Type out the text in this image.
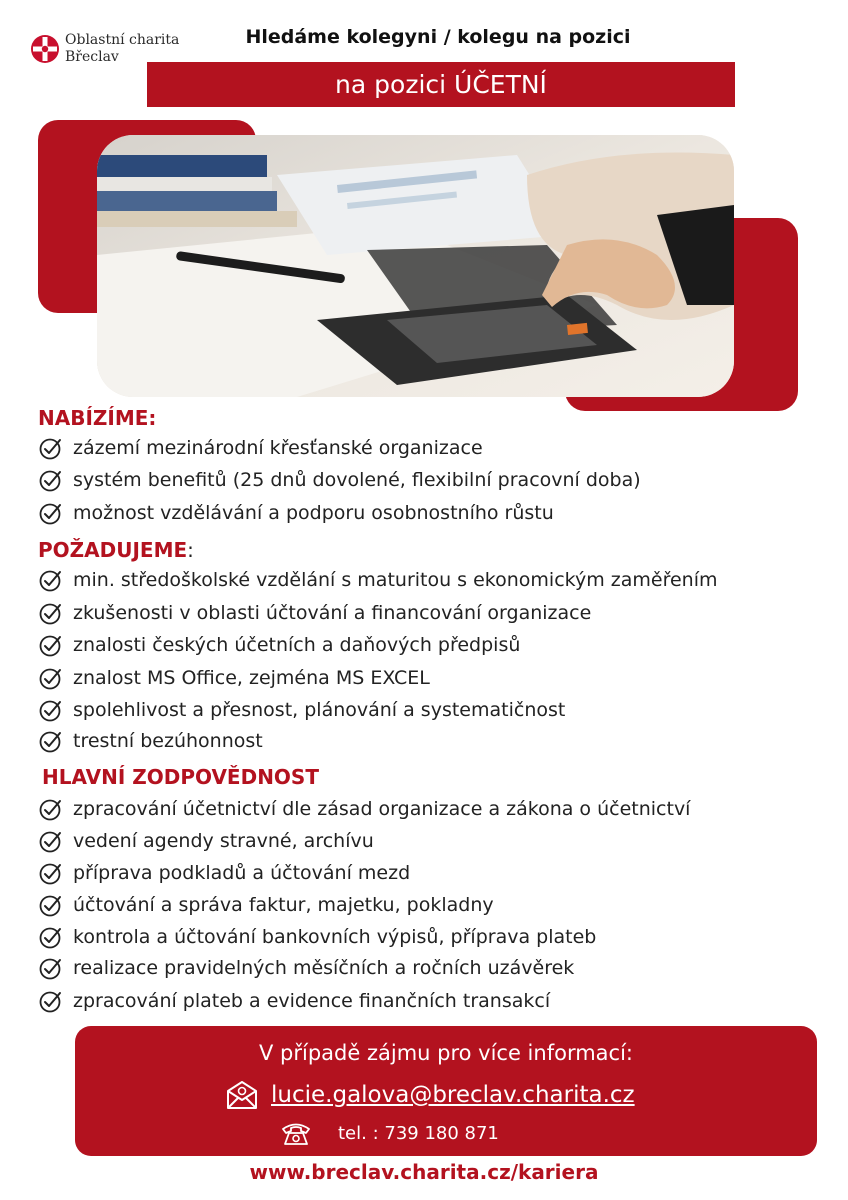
Oblastní charita
Břeclav
Hledáme kolegyni / kolegu na pozici
na pozici ÚČETNÍ
NABÍZÍME:
zázemí mezinárodní křesťanské organizace
systém benefitů (25 dnů dovolené, flexibilní pracovní doba)
možnost vzdělávání a podporu osobnostního růstu
POŽADUJEME:
min. středoškolské vzdělání s maturitou s ekonomickým zaměřením
zkušenosti v oblasti účtování a financování organizace
znalosti českých účetních a daňových předpisů
znalost MS Office, zejména MS EXCEL
spolehlivost a přesnost, plánování a systematičnost
trestní bezúhonnost
HLAVNÍ ZODPOVĚDNOST
zpracování účetnictví dle zásad organizace a zákona o účetnictví
vedení agendy stravné, archívu
příprava podkladů a účtování mezd
účtování a správa faktur, majetku, pokladny
kontrola a účtování bankovních výpisů, příprava plateb
realizace pravidelných měsíčních a ročních uzávěrek
zpracování plateb a evidence finančních transakcí
V případě zájmu pro více informací:
lucie.galova@breclav.charita.cz
tel. : 739 180 871
www.breclav.charita.cz/kariera
